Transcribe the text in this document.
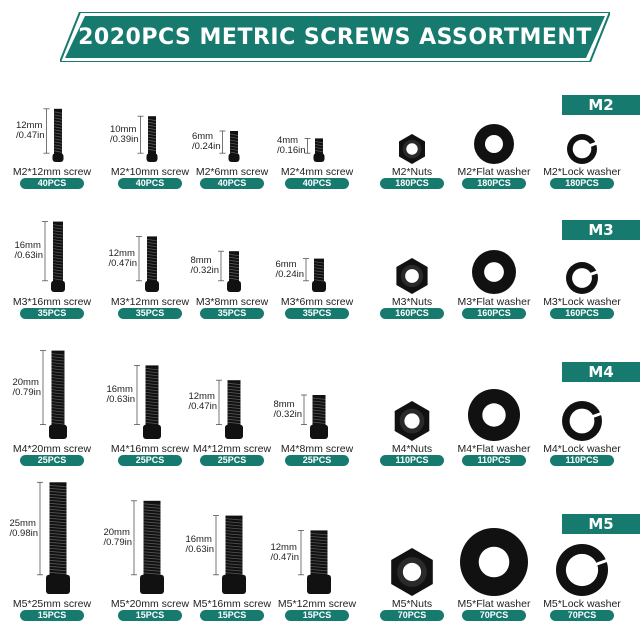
2020PCS METRIC SCREWS ASSORTMENT
M2
12mm
/0.47in
M2*12mm screw
40PCS
10mm
/0.39in
M2*10mm screw
40PCS
6mm
/0.24in
M2*6mm screw
40PCS
4mm
/0.16in
M2*4mm screw
40PCS
M2*Nuts
180PCS
M2*Flat washer
180PCS
M2*Lock washer
180PCS
M3
16mm
/0.63in
M3*16mm screw
35PCS
12mm
/0.47in
M3*12mm screw
35PCS
8mm
/0.32in
M3*8mm screw
35PCS
6mm
/0.24in
M3*6mm screw
35PCS
M3*Nuts
160PCS
M3*Flat washer
160PCS
M3*Lock washer
160PCS
M4
20mm
/0.79in
M4*20mm screw
25PCS
16mm
/0.63in
M4*16mm screw
25PCS
12mm
/0.47in
M4*12mm screw
25PCS
8mm
/0.32in
M4*8mm screw
25PCS
M4*Nuts
110PCS
M4*Flat washer
110PCS
M4*Lock washer
110PCS
M5
25mm
/0.98in
M5*25mm screw
15PCS
20mm
/0.79in
M5*20mm screw
15PCS
16mm
/0.63in
M5*16mm screw
15PCS
12mm
/0.47in
M5*12mm screw
15PCS
M5*Nuts
70PCS
M5*Flat washer
70PCS
M5*Lock washer
70PCS
